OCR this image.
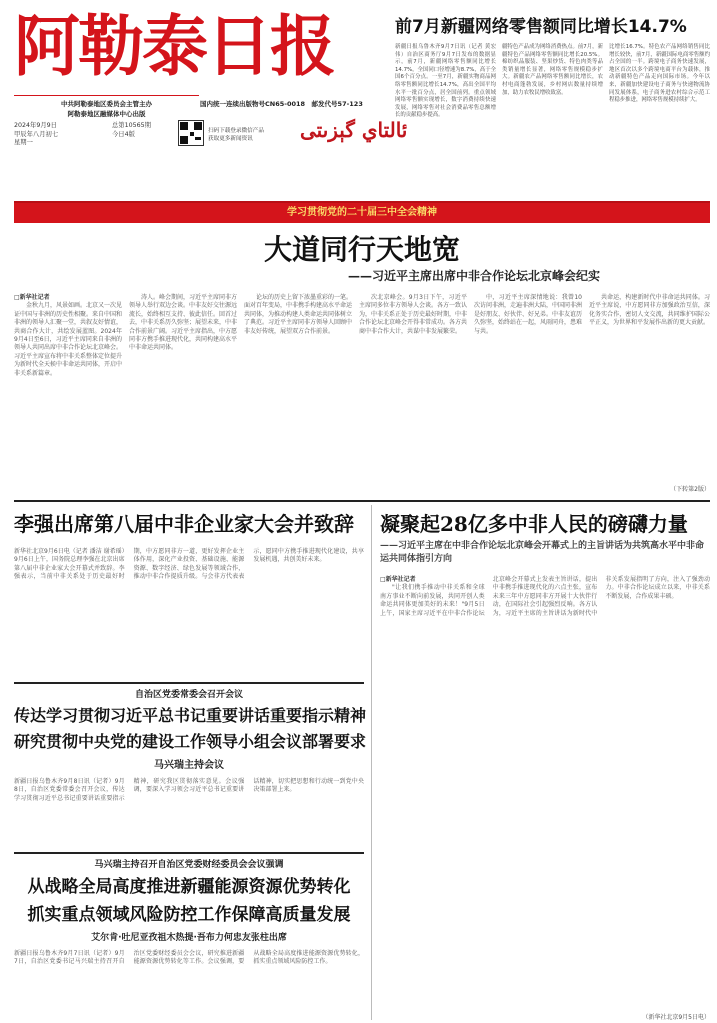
阿勒泰日报	前7月新疆网络零售额同比增长14.7%
新疆日报乌鲁木齐9月7日讯（记者 黄宏伟）自治区商务厅9月7日发布的数据显示，前7月，新疆网络零售额同比增长14.7%，全国同口径增速为8.7%，高于全国6个百分点。一至7月，新疆实物商品网络零售额同比增长14.7%，高出全国平均水平一批百分点，居全国前列。重点领域网络零售额实现增长，数字消费持续快速发展，网络零售对社会消费品零售总额增长的贡献稳步提高。
疆特色产品成为网络消费热点。前7月，新疆特色产品网络零售额同比增长20.5%。棉纺织品服装、坚果炒货、特色肉类等品类销量增长显著，网络零售规模稳步扩大。新疆农产品网络零售额同比增长，农村电商蓬勃发展，乡村网店数量持续增加，助力农牧民增收致富。
比增长16.7%。特色农产品网络销售同比增长较快，前7月，新疆国际电商零售额约占全国的一半。跨境电子商务快速发展，地区首次以多个跨境电商平台为载体，推动新疆特色产品走向国际市场。今年以来，新疆加快建设电子商务与快递物流协同发展体系，电子商务进农村综合示范工程稳步推进，网络零售规模持续扩大。
中共阿勒泰地区委员会主管主办
阿勒泰地区融媒体中心出版
国内统一连续出版物号CN65-0018　邮发代号57-123
2024年9月9日
甲辰年八月初七
星期一
总第10565期
今日4版	扫码下载登录微信产品
获取更多新闻资讯	ئالتاي گېزىتى
学习贯彻党的二十届三中全会精神
大道同行天地宽
——习近平主席出席中非合作论坛北京峰会纪实
□新华社记者

金秋九月，风景如画。北京又一次见证中国与非洲的历史性相聚。来自中国和非洲的领导人汇聚一堂，共叙友好情谊，共商合作大计，共绘发展蓝图。2024年9月4日至6日，习近平主席同来自非洲的领导人共同出席中非合作论坛北京峰会。习近平主席宣布将中非关系整体定位提升为新时代全天候中非命运共同体，开启中非关系新篇章。

涛人。峰会期间，习近平主席同非方领导人举行双边会谈。中非友好交往源远流长，始终相互支持、彼此信任。回首过去，中非关系历久弥坚；展望未来，中非合作前景广阔。习近平主席指出，中方愿同非方携手推进现代化，共同构建高水平中非命运共同体。

论坛的历史上留下浓墨重彩的一笔。面对百年变局，中非携手构建高水平命运共同体，为推动构建人类命运共同体树立了典范。习近平主席同非方领导人回顾中非友好传统，展望双方合作前景。

次北京峰会。9月3日下午，习近平主席同多位非方领导人会谈。各方一致认为，中非关系正处于历史最好时期，中非合作论坛北京峰会开得非常成功。各方共商中非合作大计，共谋中非发展繁荣。

中，习近平主席深情地说：我曾10次访问非洲，走遍非洲大陆，中国同非洲是好朋友、好伙伴、好兄弟。中非友谊历久弥坚，始终站在一起，风雨同舟，患难与共。

共命运，构建新时代中非命运共同体。习近平主席说，中方愿同非方加强政治互信，深化务实合作，密切人文交流，共同维护国际公平正义，为世界和平发展作出新的更大贡献。

（下转第2版）
李强出席第八届中非企业家大会并致辞
新华社北京9月6日电（记者 潘洁 谢希瑶）9月6日上午，国务院总理李强在北京出席第八届中非企业家大会开幕式并致辞。李强表示，当前中非关系处于历史最好时期，中方愿同非方一道，更好发挥企业主体作用，深化产业投资、基础设施、能源资源、数字经济、绿色发展等领域合作，推动中非合作提质升级。与会非方代表表示，愿同中方携手推进现代化建设，共享发展机遇，共创美好未来。
凝聚起28亿多中非人民的磅礴力量
——习近平主席在中非合作论坛北京峰会开幕式上的主旨讲话为共筑高水平中非命运共同体指引方向
□新华社记者

"让我们携手推动中非关系和全球南方事业不断向前发展，共同开创人类命运共同体更加美好的未来！"9月5日上午，国家主席习近平在中非合作论坛北京峰会开幕式上发表主旨讲话，提出中非携手推进现代化的六点主张，宣布未来三年中方愿同非方开展十大伙伴行动，在国际社会引起强烈反响。各方认为，习近平主席的主旨讲话为新时代中非关系发展指明了方向，注入了强劲动力。中非合作论坛成立以来，中非关系不断发展，合作成果丰硕。

（新华社北京9月5日电）
自治区党委常委会召开会议
传达学习贯彻习近平总书记重要讲话重要指示精神
研究贯彻中央党的建设工作领导小组会议部署要求
马兴瑞主持会议
新疆日报乌鲁木齐9月8日讯（记者）9月8日，自治区党委常委会召开会议，传达学习贯彻习近平总书记重要讲话重要指示精神，研究我区贯彻落实意见。会议强调，要深入学习领会习近平总书记重要讲话精神，切实把思想和行动统一到党中央决策部署上来。
马兴瑞主持召开自治区党委财经委员会会议强调
从战略全局高度推进新疆能源资源优势转化
抓实重点领域风险防控工作保障高质量发展
艾尔肯·吐尼亚孜祖木热提·吾布力何忠友张柱出席
新疆日报乌鲁木齐9月7日讯（记者）9月7日，自治区党委书记马兴瑞主持召开自治区党委财经委员会会议，研究推进新疆能源资源优势转化等工作。会议强调，要从战略全局高度推进能源资源优势转化，抓实重点领域风险防控工作。
